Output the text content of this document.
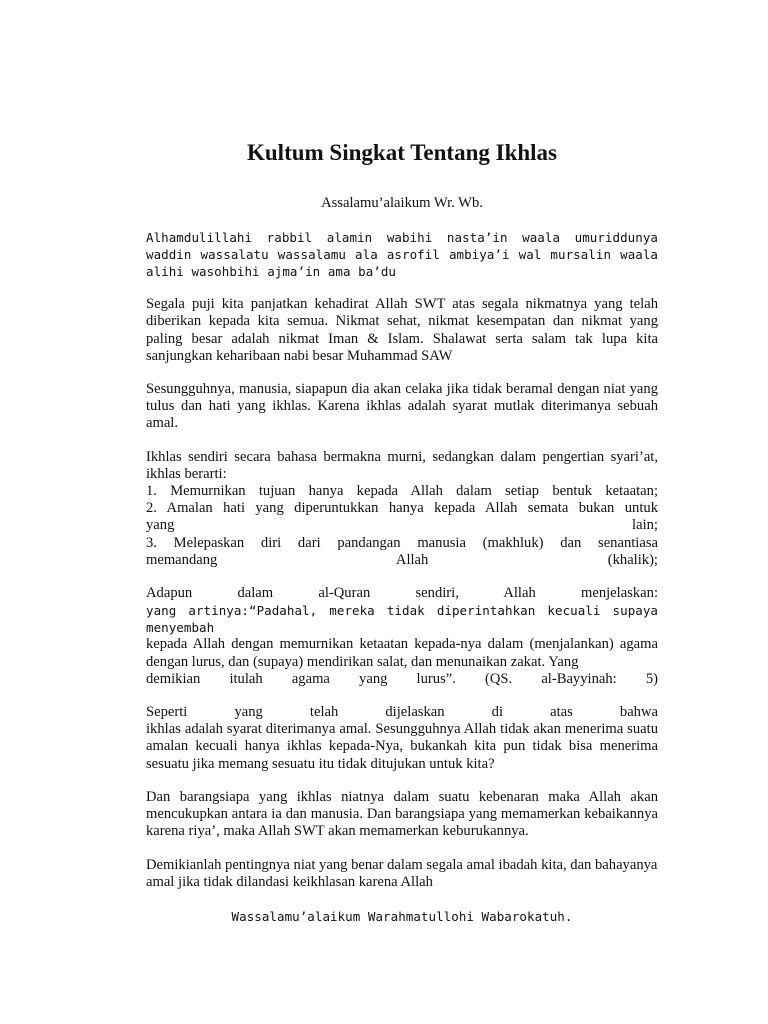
Kultum Singkat Tentang Ikhlas

Assalamu’alaikum Wr. Wb.

Alhamdulillahi rabbil alamin wabihi nasta’in waala umuriddunya waddin wassalatu wassalamu ala asrofil ambiya’i wal mursalin waala alihi wasohbihi ajma’in ama ba’du

Segala puji kita panjatkan kehadirat Allah SWT atas segala nikmatnya yang telah diberikan kepada kita semua. Nikmat sehat, nikmat kesempatan dan nikmat yang paling besar adalah nikmat Iman & Islam. Shalawat serta salam tak lupa kita sanjungkan keharibaan nabi besar Muhammad SAW

Sesungguhnya, manusia, siapapun dia akan celaka jika tidak beramal dengan niat yang tulus dan hati yang ikhlas. Karena ikhlas adalah syarat mutlak diterimanya sebuah amal.

Ikhlas sendiri secara bahasa bermakna murni, sedangkan dalam pengertian syari’at, ikhlas berarti:
1. Memurnikan tujuan hanya kepada Allah dalam setiap bentuk ketaatan;
2. Amalan hati yang diperuntukkan hanya kepada Allah semata bukan untuk
yang	lain;
3. Melepaskan diri dari pandangan manusia (makhluk) dan senantiasa
memandang	Allah	(khalik);

Adapun dalam al-Quran sendiri, Allah menjelaskan:
yang artinya:“Padahal, mereka tidak diperintahkan kecuali supaya menyembah
kepada Allah dengan memurnikan ketaatan kepada-nya dalam (menjalankan) agama dengan lurus, dan (supaya) mendirikan salat, dan menunaikan zakat. Yang
demikian itulah agama yang lurus”. (QS. al-Bayyinah: 5)

Seperti yang telah dijelaskan di atas bahwa
ikhlas adalah syarat diterimanya amal. Sesungguhnya Allah tidak akan menerima suatu amalan kecuali hanya ikhlas kepada-Nya, bukankah kita pun tidak bisa menerima sesuatu jika memang sesuatu itu tidak ditujukan untuk kita?

Dan barangsiapa yang ikhlas niatnya dalam suatu kebenaran maka Allah akan mencukupkan antara ia dan manusia. Dan barangsiapa yang memamerkan kebaikannya karena riya’, maka Allah SWT akan memamerkan keburukannya.

Demikianlah pentingnya niat yang benar dalam segala amal ibadah kita, dan bahayanya amal jika tidak dilandasi keikhlasan karena Allah

Wassalamu’alaikum Warahmatullohi Wabarokatuh.
